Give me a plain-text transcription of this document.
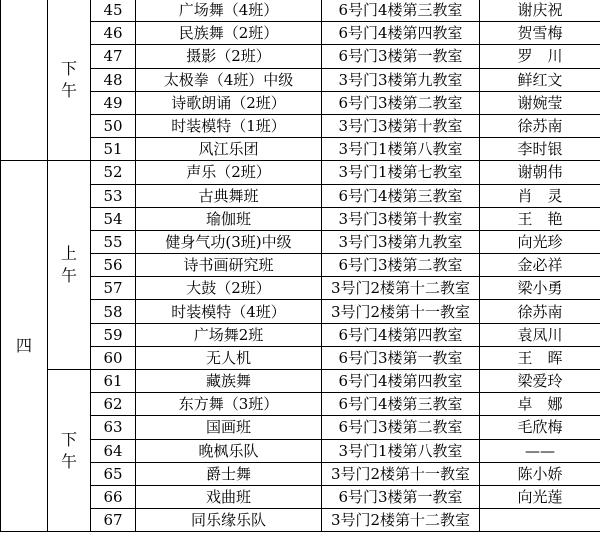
	下
午	45	广场舞（4班）	6号门4楼第三教室	谢庆祝
		46	民族舞（2班）	6号门4楼第四教室	贺雪梅
		47	摄影（2班）	6号门3楼第一教室	罗　川
		48	太极拳（4班）中级	3号门3楼第九教室	鲜红文
		49	诗歌朗诵（2班）	6号门3楼第二教室	谢婉莹
		50	时装模特（1班）	3号门3楼第十教室	徐苏南
		51	风江乐团	3号门1楼第八教室	李时银
四	上
午	52	声乐（2班）	3号门1楼第七教室	谢朝伟
		53	古典舞班	6号门4楼第三教室	肖　灵
		54	瑜伽班	3号门3楼第十教室	王　艳
		55	健身气功(3班)中级	3号门3楼第九教室	向光珍
		56	诗书画研究班	6号门3楼第二教室	金必祥
		57	大鼓（2班）	3号门2楼第十二教室	梁小勇
		58	时装模特（4班）	3号门2楼第十一教室	徐苏南
		59	广场舞2班	6号门4楼第四教室	袁凤川
		60	无人机	6号门3楼第一教室	王　晖

	下
午	61	藏族舞	6号门4楼第四教室	梁爱玲
		62	东方舞（3班）	6号门4楼第三教室	卓　娜
		63	国画班	6号门3楼第二教室	毛欣梅
		64	晚枫乐队	3号门1楼第八教室	——
		65	爵士舞	3号门2楼第十一教室	陈小娇
		66	戏曲班	6号门3楼第一教室	向光莲
		67	同乐缘乐队	3号门2楼第十二教室	
